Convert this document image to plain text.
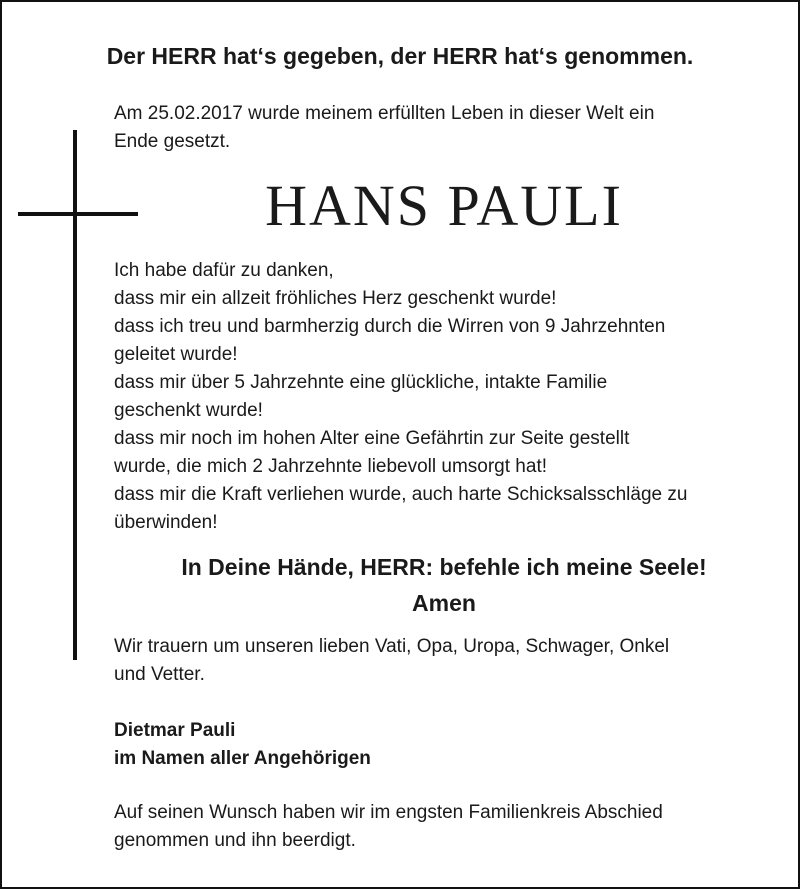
Der HERR hat‘s gegeben, der HERR hat‘s genommen.
Am 25.02.2017 wurde meinem erfüllten Leben in dieser Welt ein
Ende gesetzt.
HANS PAULI
Ich habe dafür zu danken,
dass mir ein allzeit fröhliches Herz geschenkt wurde!
dass ich treu und barmherzig durch die Wirren von 9 Jahrzehnten
geleitet wurde!
dass mir über 5 Jahrzehnte eine glückliche, intakte Familie
geschenkt wurde!
dass mir noch im hohen Alter eine Gefährtin zur Seite gestellt
wurde, die mich 2 Jahrzehnte liebevoll umsorgt hat!
dass mir die Kraft verliehen wurde, auch harte Schicksalsschläge zu
überwinden!
In Deine Hände, HERR: befehle ich meine Seele!
Amen
Wir trauern um unseren lieben Vati, Opa, Uropa, Schwager, Onkel
und Vetter.
Dietmar Pauli
im Namen aller Angehörigen
Auf seinen Wunsch haben wir im engsten Familienkreis Abschied
genommen und ihn beerdigt.
